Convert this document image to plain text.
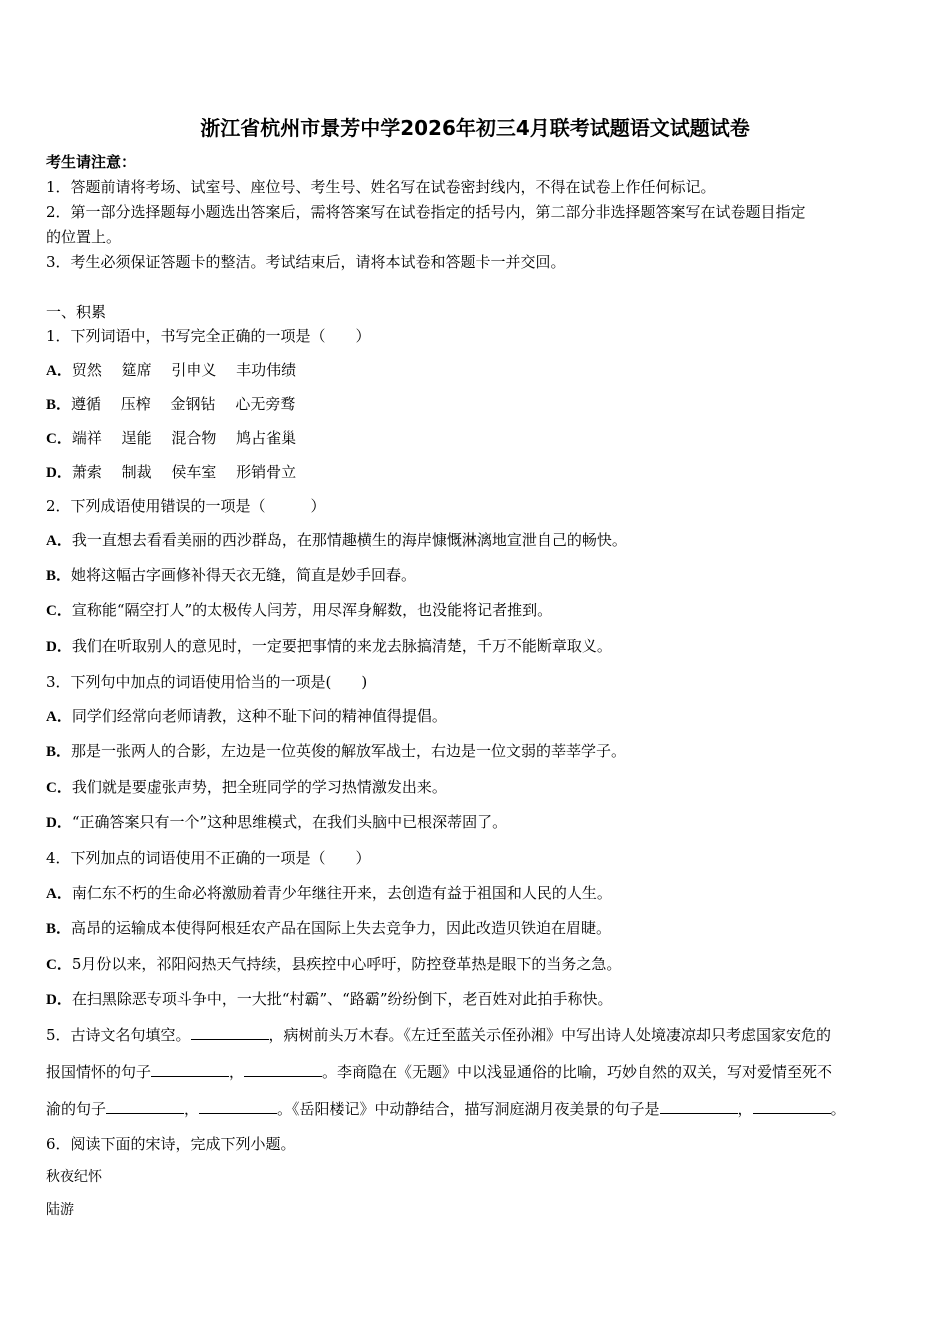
浙江省杭州市景芳中学2026年初三4月联考试题语文试题试卷
考生请注意：
1．答题前请将考场、试室号、座位号、考生号、姓名写在试卷密封线内，不得在试卷上作任何标记。
2．第一部分选择题每小题选出答案后，需将答案写在试卷指定的括号内，第二部分非选择题答案写在试卷题目指定
的位置上。
3．考生必须保证答题卡的整洁。考试结束后，请将本试卷和答题卡一并交回。
一、积累
1．下列词语中，书写完全正确的一项是（　　）
A．贸然　 筵席　 引申义　 丰功伟绩
B．遵循　 压榨　 金钢钻　 心无旁骛
C．端祥　 逞能　 混合物　 鸠占雀巢
D．萧索　 制裁　 侯车室　 形销骨立
2．下列成语使用错误的一项是（　　　）
A．我一直想去看看美丽的西沙群岛，在那情趣横生的海岸慷慨淋漓地宣泄自己的畅快。
B．她将这幅古字画修补得天衣无缝，简直是妙手回春。
C．宣称能“隔空打人”的太极传人闫芳，用尽浑身解数，也没能将记者推到。
D．我们在听取别人的意见时，一定要把事情的来龙去脉搞清楚，千万不能断章取义。
3．下列句中加点的词语使用恰当的一项是(　　)
A．同学们经常向老师请教，这种不耻下问的精神值得提倡。
B．那是一张两人的合影，左边是一位英俊的解放军战士，右边是一位文弱的莘莘学子。
C．我们就是要虚张声势，把全班同学的学习热情激发出来。
D．“正确答案只有一个”这种思维模式，在我们头脑中已根深蒂固了。
4．下列加点的词语使用不正确的一项是（　　）
A．南仁东不朽的生命必将激励着青少年继往开来，去创造有益于祖国和人民的人生。
B．高昂的运输成本使得阿根廷农产品在国际上失去竞争力，因此改造贝铁迫在眉睫。
C．5月份以来，祁阳闷热天气持续，县疾控中心呼吁，防控登革热是眼下的当务之急。
D．在扫黑除恶专项斗争中，一大批“村霸”、“路霸”纷纷倒下，老百姓对此拍手称快。
5．古诗文名句填空。	，病树前头万木春。《左迁至蓝关示侄孙湘》中写出诗人处境凄凉却只考虑国家安危的
报国情怀的句子	，	。李商隐在《无题》中以浅显通俗的比喻，巧妙自然的双关，写对爱情至死不
渝的句子	，	。《岳阳楼记》中动静结合，描写洞庭湖月夜美景的句子是	，	。
6．阅读下面的宋诗，完成下列小题。
秋夜纪怀
陆游
